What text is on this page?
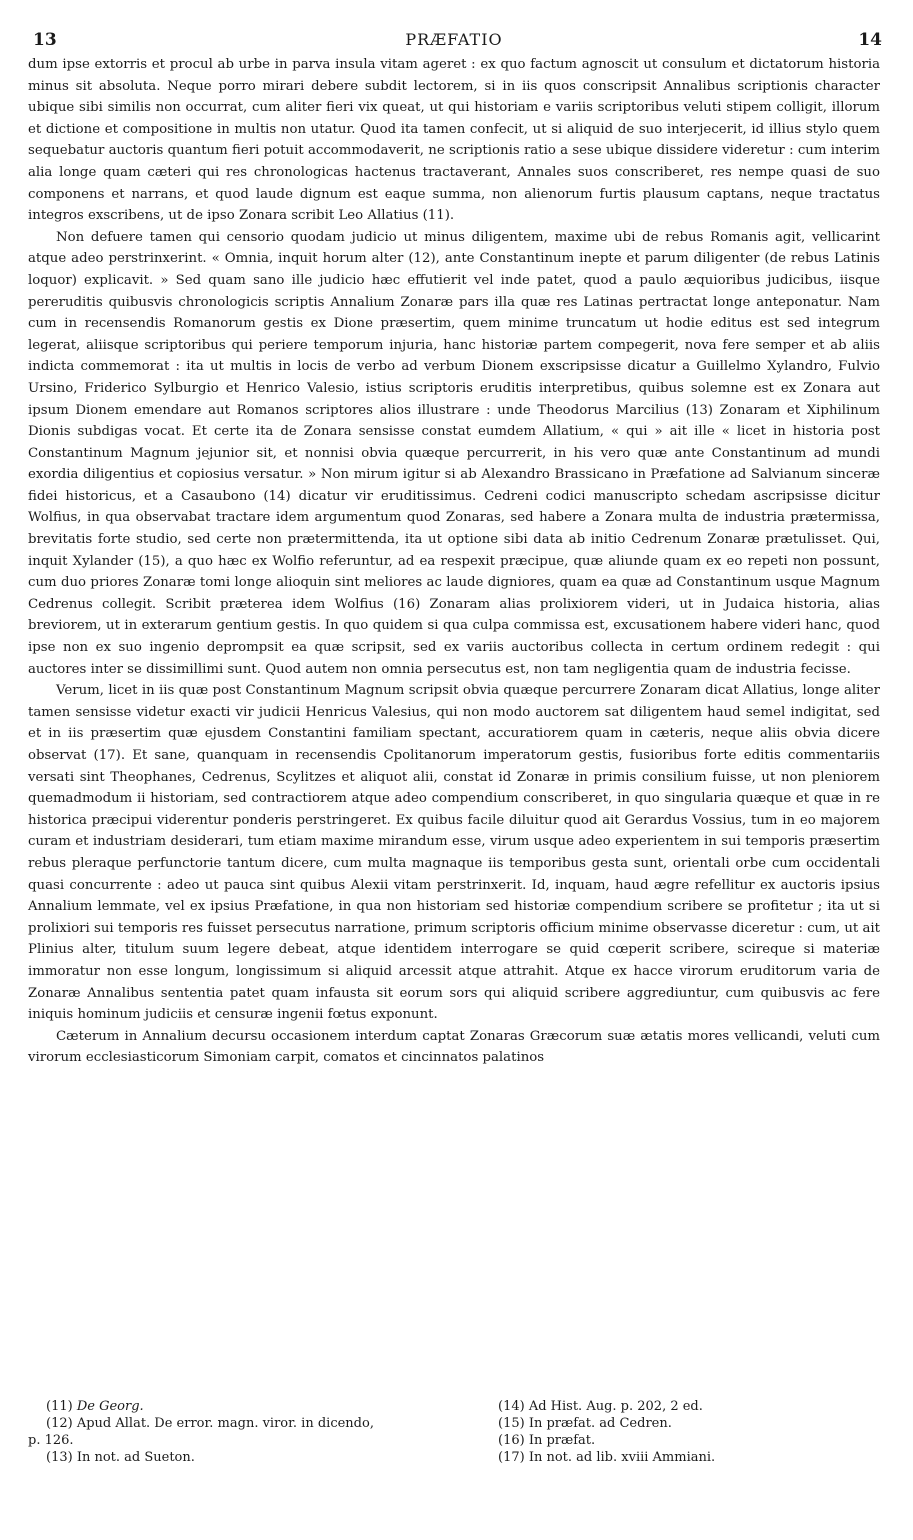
13	PRÆFATIO	14

dum ipse extorris et procul ab urbe in parva insula vitam ageret : ex quo factum agnoscit ut consulum et dictatorum historia minus sit absoluta. Neque porro mirari debere subdit lectorem, si in iis quos conscripsit Annalibus scriptionis character ubique sibi similis non occurrat, cum aliter fieri vix queat, ut qui historiam e variis scriptoribus veluti stipem colligit, illorum et dictione et compositione in multis non utatur. Quod ita tamen confecit, ut si aliquid de suo interjecerit, id illius stylo quem sequebatur auctoris quantum fieri potuit accommodaverit, ne scriptionis ratio a sese ubique dissidere videretur : cum interim alia longe quam cæteri qui res chronologicas hactenus tractaverant, Annales suos conscriberet, res nempe quasi de suo componens et narrans, et quod laude dignum est eaque summa, non alienorum furtis plausum captans, neque tractatus integros exscribens, ut de ipso Zonara scribit Leo Allatius (11).

Non defuere tamen qui censorio quodam judicio ut minus diligentem, maxime ubi de rebus Romanis agit, vellicarint atque adeo perstrinxerint. « Omnia, inquit horum alter (12), ante Constantinum inepte et parum diligenter (de rebus Latinis loquor) explicavit. » Sed quam sano ille judicio hæc effutierit vel inde patet, quod a paulo æquioribus judicibus, iisque pereruditis quibusvis chronologicis scriptis Annalium Zonaræ pars illa quæ res Latinas pertractat longe anteponatur. Nam cum in recensendis Romanorum gestis ex Dione præsertim, quem minime truncatum ut hodie editus est sed integrum legerat, aliisque scriptoribus qui periere temporum injuria, hanc historiæ partem compegerit, nova fere semper et ab aliis indicta commemorat : ita ut multis in locis de verbo ad verbum Dionem exscripsisse dicatur a Guillelmo Xylandro, Fulvio Ursino, Friderico Sylburgio et Henrico Valesio, istius scriptoris eruditis interpretibus, quibus solemne est ex Zonara aut ipsum Dionem emendare aut Romanos scriptores alios illustrare : unde Theodorus Marcilius (13) Zonaram et Xiphilinum Dionis subdigas vocat. Et certe ita de Zonara sensisse constat eumdem Allatium, « qui » ait ille « licet in historia post Constantinum Magnum jejunior sit, et nonnisi obvia quæque percurrerit, in his vero quæ ante Constantinum ad mundi exordia diligentius et copiosius versatur. » Non mirum igitur si ab Alexandro Brassicano in Præfatione ad Salvianum sinceræ fidei historicus, et a Casaubono (14) dicatur vir eruditissimus. Cedreni codici manuscripto schedam ascripsisse dicitur Wolfius, in qua observabat tractare idem argumentum quod Zonaras, sed habere a Zonara multa de industria prætermissa, brevitatis forte studio, sed certe non prætermittenda, ita ut optione sibi data ab initio Cedrenum Zonaræ prætulisset. Qui, inquit Xylander (15), a quo hæc ex Wolfio referuntur, ad ea respexit præcipue, quæ aliunde quam ex eo repeti non possunt, cum duo priores Zonaræ tomi longe alioquin sint meliores ac laude digniores, quam ea quæ ad Constantinum usque Magnum Cedrenus collegit. Scribit præterea idem Wolfius (16) Zonaram alias prolixiorem videri, ut in Judaica historia, alias breviorem, ut in exterarum gentium gestis. In quo quidem si qua culpa commissa est, excusationem habere videri hanc, quod ipse non ex suo ingenio deprompsit ea quæ scripsit, sed ex variis auctoribus collecta in certum ordinem redegit : qui auctores inter se dissimillimi sunt. Quod autem non omnia persecutus est, non tam negligentia quam de industria fecisse.

Verum, licet in iis quæ post Constantinum Magnum scripsit obvia quæque percurrere Zonaram dicat Allatius, longe aliter tamen sensisse videtur exacti vir judicii Henricus Valesius, qui non modo auctorem sat diligentem haud semel indigitat, sed et in iis præsertim quæ ejusdem Constantini familiam spectant, accuratiorem quam in cæteris, neque aliis obvia dicere observat (17). Et sane, quanquam in recensendis Cpolitanorum imperatorum gestis, fusioribus forte editis commentariis versati sint Theophanes, Cedrenus, Scylitzes et aliquot alii, constat id Zonaræ in primis consilium fuisse, ut non pleniorem quemadmodum ii historiam, sed contractiorem atque adeo compendium conscriberet, in quo singularia quæque et quæ in re historica præcipui viderentur ponderis perstringeret. Ex quibus facile diluitur quod ait Gerardus Vossius, tum in eo majorem curam et industriam desiderari, tum etiam maxime mirandum esse, virum usque adeo experientem in sui temporis præsertim rebus pleraque perfunctorie tantum dicere, cum multa magnaque iis temporibus gesta sunt, orientali orbe cum occidentali quasi concurrente : adeo ut pauca sint quibus Alexii vitam perstrinxerit. Id, inquam, haud ægre refellitur ex auctoris ipsius Annalium lemmate, vel ex ipsius Præfatione, in qua non historiam sed historiæ compendium scribere se profitetur ; ita ut si prolixiori sui temporis res fuisset persecutus narratione, primum scriptoris officium minime observasse diceretur : cum, ut ait Plinius alter, titulum suum legere debeat, atque identidem interrogare se quid cœperit scribere, scireque si materiæ immoratur non esse longum, longissimum si aliquid arcessit atque attrahit. Atque ex hacce virorum eruditorum varia de Zonaræ Annalibus sententia patet quam infausta sit eorum sors qui aliquid scribere aggrediuntur, cum quibusvis ac fere iniquis hominum judiciis et censuræ ingenii fœtus exponunt.

Cæterum in Annalium decursu occasionem interdum captat Zonaras Græcorum suæ ætatis mores vellicandi, veluti cum virorum ecclesiasticorum Simoniam carpit, comatos et cincinnatos palatinos

(11) De Georg.

(12) Apud Allat. De error. magn. viror. in dicendo,

p. 126.

(13) In not. ad Sueton.

(14) Ad Hist. Aug. p. 202, 2 ed.

(15) In præfat. ad Cedren.

(16) In præfat.

(17) In not. ad lib. xviii Ammiani.
